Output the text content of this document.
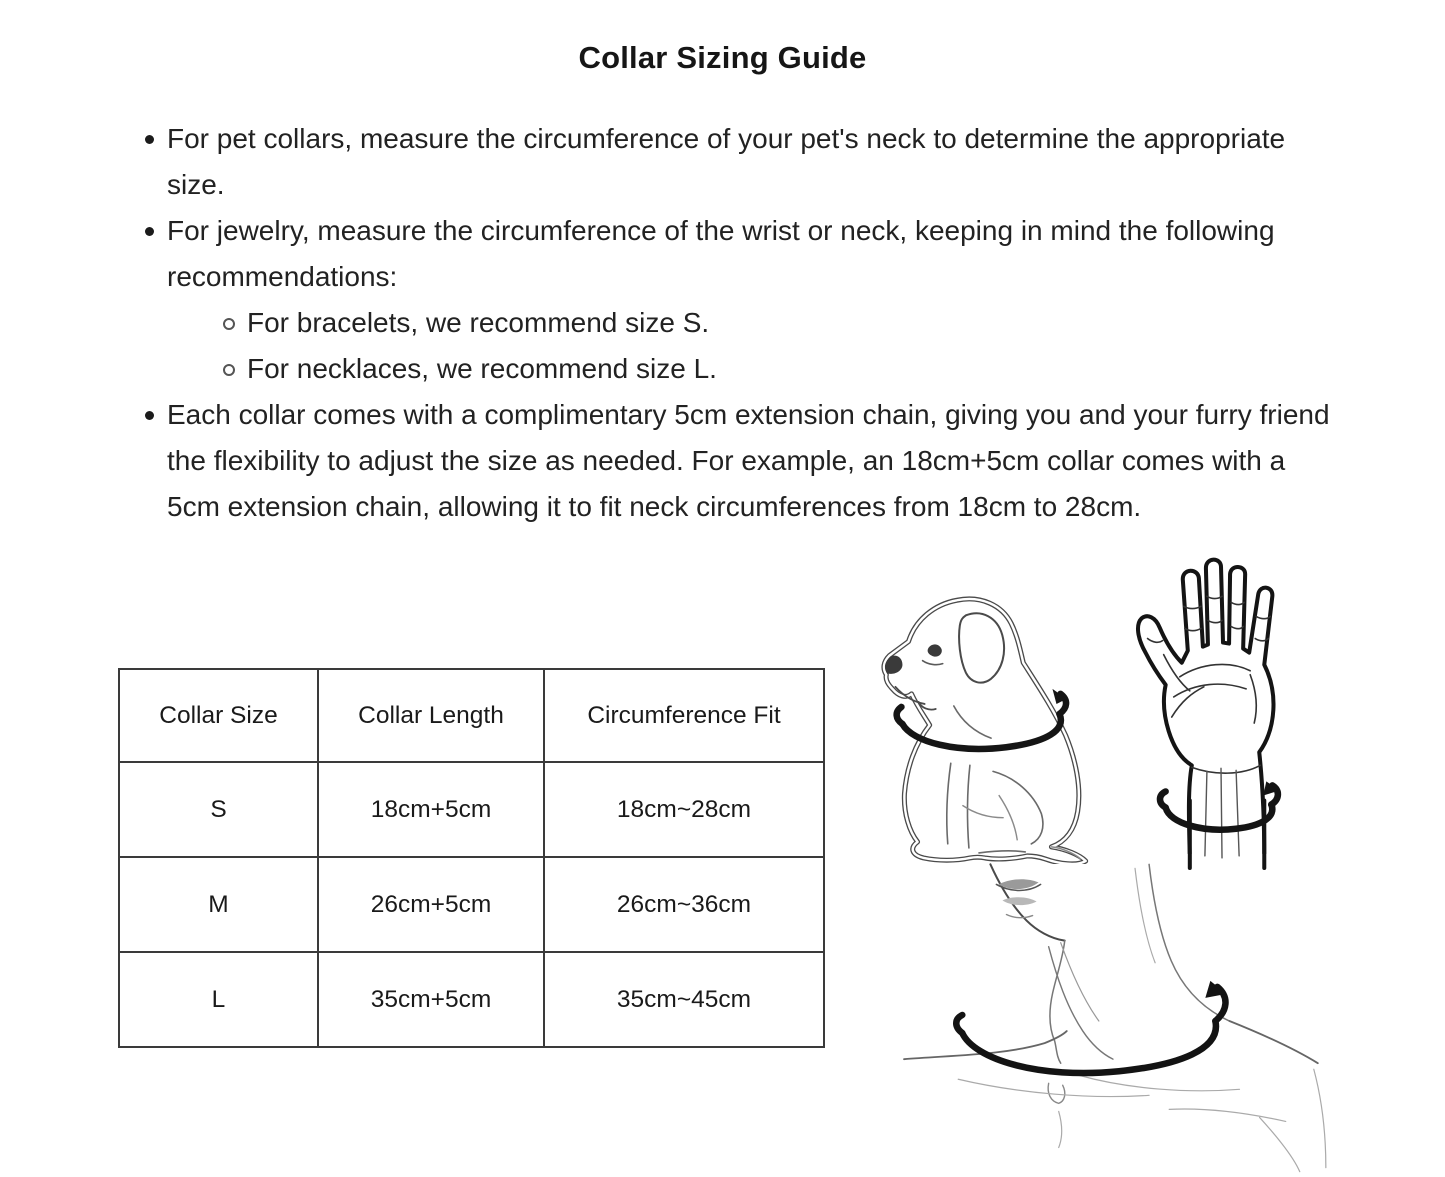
Collar Sizing Guide
For pet collars, measure the circumference of your pet's neck to determine the appropriate size.
For jewelry, measure the circumference of the wrist or neck, keeping in mind the following recommendations:
For bracelets, we recommend size S.
For necklaces, we recommend size L.
Each collar comes with a complimentary 5cm extension chain, giving you and your furry friend the flexibility to adjust the size as needed. For example, an 18cm+5cm collar comes with a 5cm extension chain, allowing it to fit neck circumferences from 18cm to 28cm.
Collar Size	Collar Length	Circumference Fit
S	18cm+5cm	18cm~28cm
M	26cm+5cm	26cm~36cm
L	35cm+5cm	35cm~45cm
